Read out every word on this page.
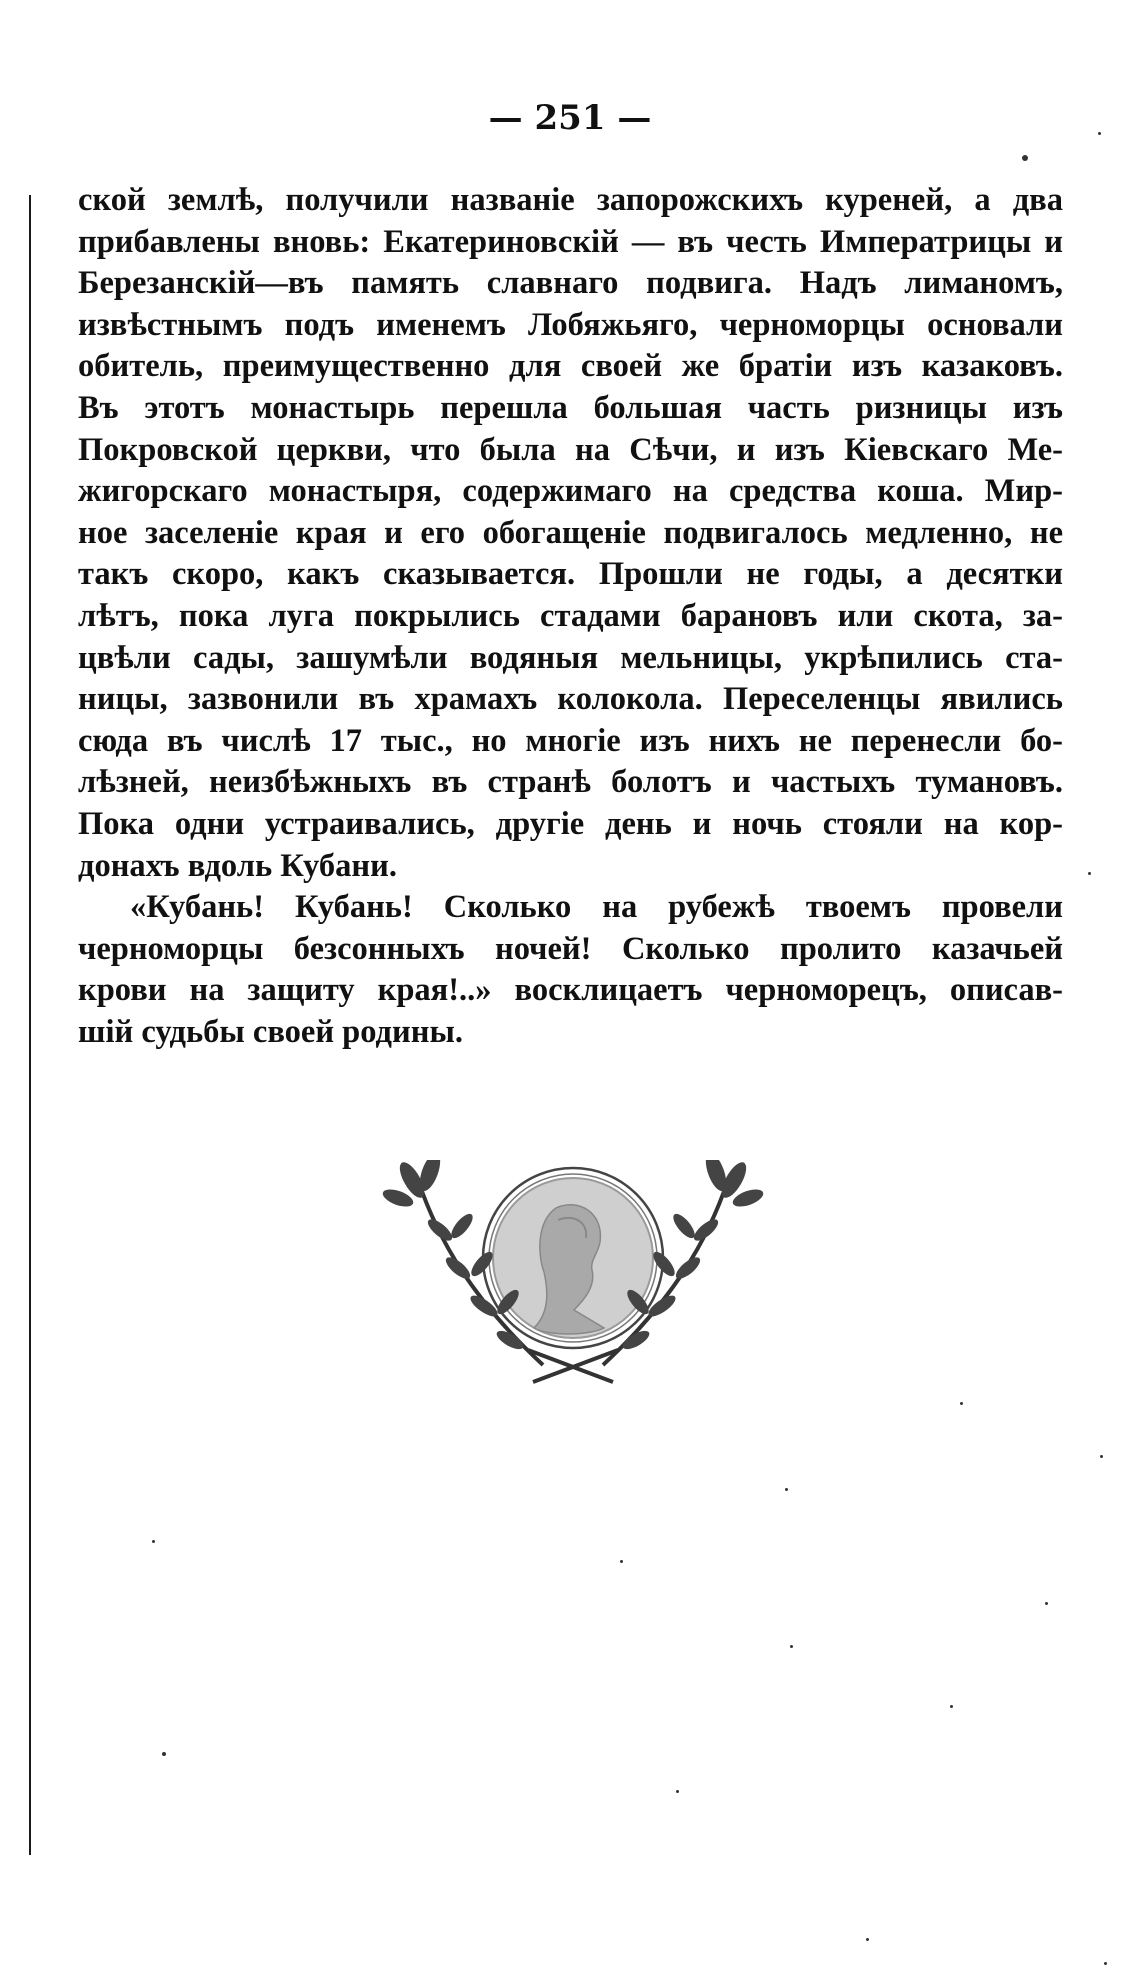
— 251 —
ской землѣ, получили названіе запорожскихъ куреней, а два
прибавлены вновь: Екатериновскій — въ честь Императрицы и
Березанскій—въ память славнаго подвига. Надъ лиманомъ,
извѣстнымъ подъ именемъ Лобяжьяго, черноморцы основали
обитель, преимущественно для своей же братіи изъ казаковъ.
Въ этотъ монастырь перешла большая часть ризницы изъ
Покровской церкви, что была на Сѣчи, и изъ Кіевскаго Ме-
жигорскаго монастыря, содержимаго на средства коша. Мир-
ное заселеніе края и его обогащеніе подвигалось медленно, не
такъ скоро, какъ сказывается. Прошли не годы, а десятки
лѣтъ, пока луга покрылись стадами барановъ или скота, за-
цвѣли сады, зашумѣли водяныя мельницы, укрѣпились ста-
ницы, зазвонили въ храмахъ колокола. Переселенцы явились
сюда въ числѣ 17 тыс., но многіе изъ нихъ не перенесли бо-
лѣзней, неизбѣжныхъ въ странѣ болотъ и частыхъ тумановъ.
Пока одни устраивались, другіе день и ночь стояли на кор-
донахъ вдоль Кубани.
«Кубань! Кубань! Сколько на рубежѣ твоемъ провели
черноморцы безсонныхъ ночей! Сколько пролито казачьей
крови на защиту края!..» восклицаетъ черноморецъ, описав-
шій судьбы своей родины.
